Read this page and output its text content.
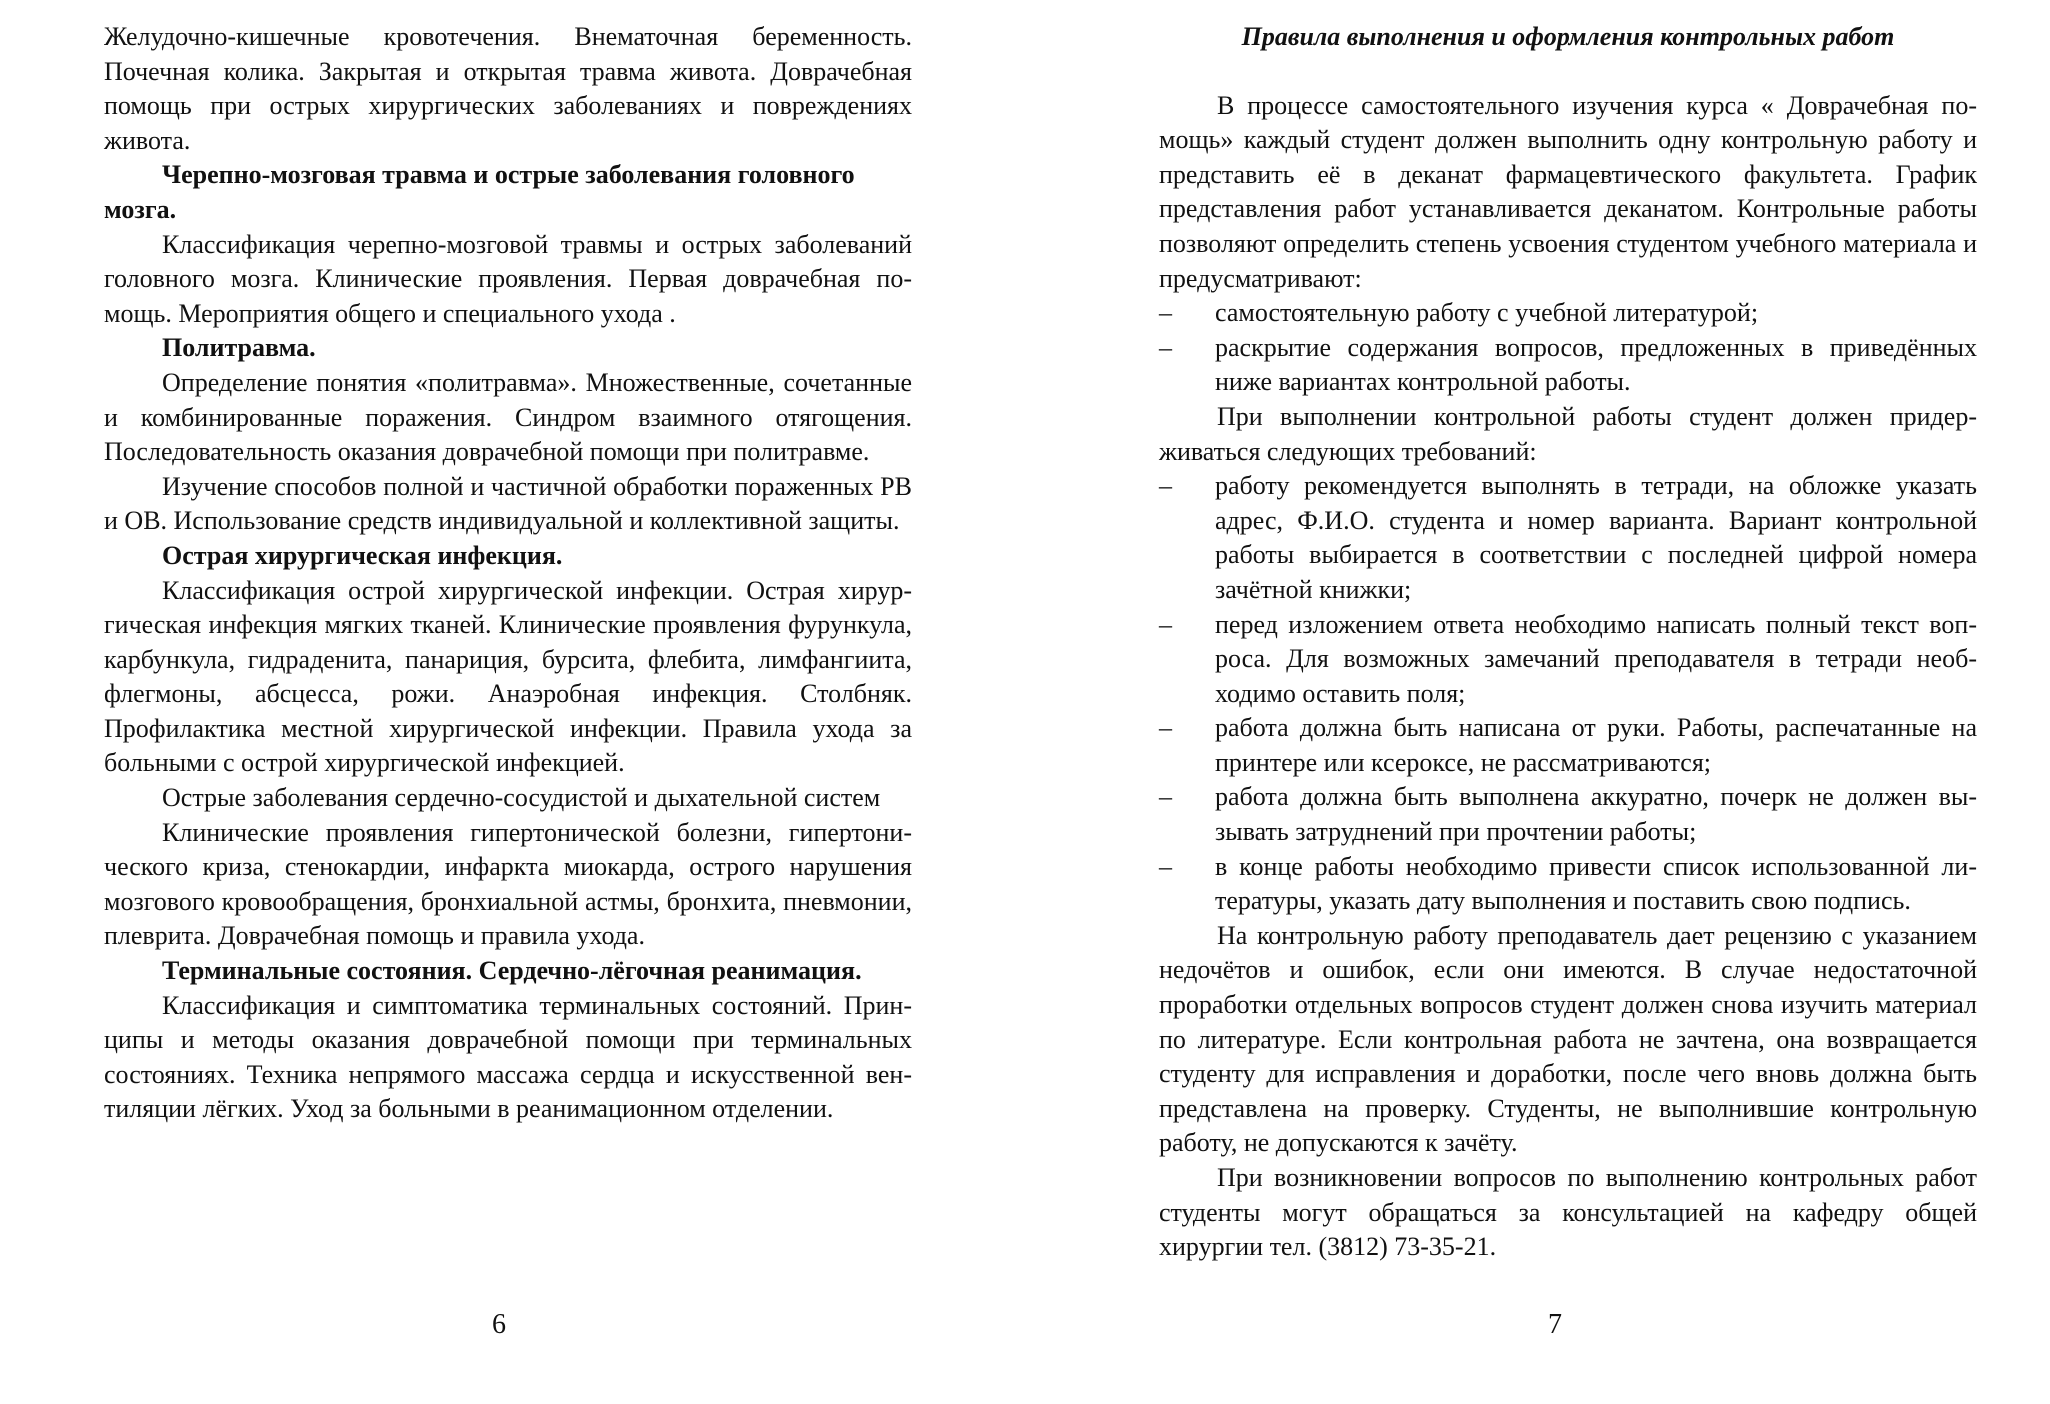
Желудочно-кишечные кровотечения. Внематочная беременность. Почечная колика. Закрытая и открытая травма живота. Доврачебная помощь при острых хирургических заболеваниях и повреждениях живота.

Черепно-мозговая травма и острые заболевания головного мозга.

Классификация черепно-мозговой травмы и острых заболеваний головного мозга. Клинические проявления. Первая доврачебная помощь. Мероприятия общего и специального ухода .

Политравма.

Определение понятия «политравма». Множественные, сочетанные и комбинированные поражения. Синдром взаимного отягощения. Последовательность оказания доврачебной помощи при политравме.

Изучение способов полной и частичной обработки пораженных РВ и ОВ. Использование средств индивидуальной и коллективной защиты.

Острая хирургическая инфекция.

Классификация острой хирургической инфекции. Острая хирургическая инфекция мягких тканей. Клинические проявления фурункула, карбункула, гидраденита, панариция, бурсита, флебита, лимфангиита, флегмоны, абсцесса, рожи. Анаэробная инфекция. Столбняк. Профилактика местной хирургической инфекции. Правила ухода за больными с острой хирургической инфекцией.

Острые заболевания сердечно-сосудистой и дыхательной систем

Клинические проявления гипертонической болезни, гипертонического криза, стенокардии, инфаркта миокарда, острого нарушения мозгового кровообращения, бронхиальной астмы, бронхита, пневмонии, плеврита. Доврачебная помощь и правила ухода.

Терминальные состояния. Сердечно-лёгочная реанимация.

Классификация и симптоматика терминальных состояний. Принципы и методы оказания доврачебной помощи при терминальных состояниях. Техника непрямого массажа сердца и искусственной вентиляции лёгких. Уход за больными в реанимационном отделении.

6

Правила выполнения и оформления контрольных работ

В процессе самостоятельного изучения курса « Доврачебная помощь» каждый студент должен выполнить одну контрольную работу и представить её в деканат фармацевтического факультета. График представления работ устанавливается деканатом. Контрольные работы позволяют определить степень усвоения студентом учебного материала и предусматривают:

– самостоятельную работу с учебной литературой;
– раскрытие содержания вопросов, предложенных в приведённых ниже вариантах контрольной работы.

При выполнении контрольной работы студент должен придерживаться следующих требований:

– работу рекомендуется выполнять в тетради, на обложке указать адрес, Ф.И.О. студента и номер варианта. Вариант контрольной работы выбирается в соответствии с последней цифрой номера зачётной книжки;
– перед изложением ответа необходимо написать полный текст вопроса. Для возможных замечаний преподавателя в тетради необходимо оставить поля;
– работа должна быть написана от руки. Работы, распечатанные на принтере или ксероксе, не рассматриваются;
– работа должна быть выполнена аккуратно, почерк не должен вызывать затруднений при прочтении работы;
– в конце работы необходимо привести список использованной литературы, указать дату выполнения и поставить свою подпись.

На контрольную работу преподаватель дает рецензию с указанием недочётов и ошибок, если они имеются. В случае недостаточной проработки отдельных вопросов студент должен снова изучить материал по литературе. Если контрольная работа не зачтена, она возвращается студенту для исправления и доработки, после чего вновь должна быть представлена на проверку. Студенты, не выполнившие контрольную работу, не допускаются к зачёту.

При возникновении вопросов по выполнению контрольных работ студенты могут обращаться за консультацией на кафедру общей хирургии тел. (3812) 73-35-21.

7
